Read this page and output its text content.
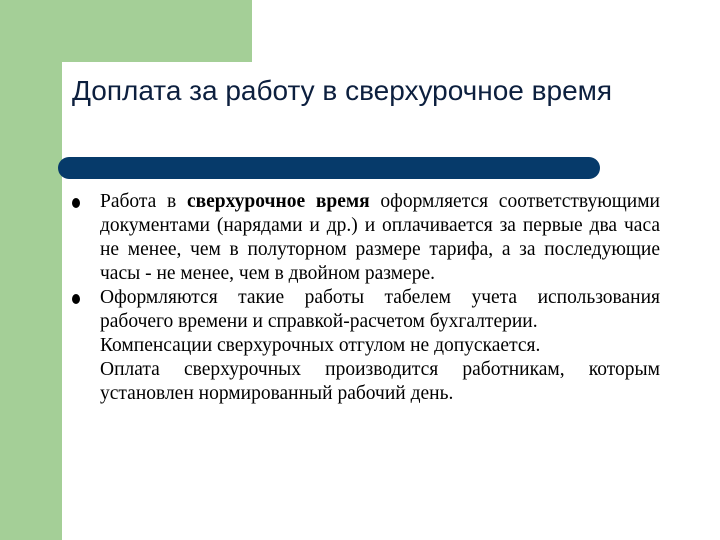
Доплата за работу в сверхурочное время

Работа в сверхурочное время оформляется соответствующими документами (нарядами и др.) и оплачивается за первые два часа не менее, чем в полуторном размере тарифа, а за последующие часы - не менее, чем в двойном размере.

Оформляются такие работы табелем учета использования рабочего времени и справкой-расчетом бухгалтерии.

Компенсации сверхурочных отгулом не допускается.

Оплата сверхурочных производится работникам, которым установлен нормированный рабочий день.
